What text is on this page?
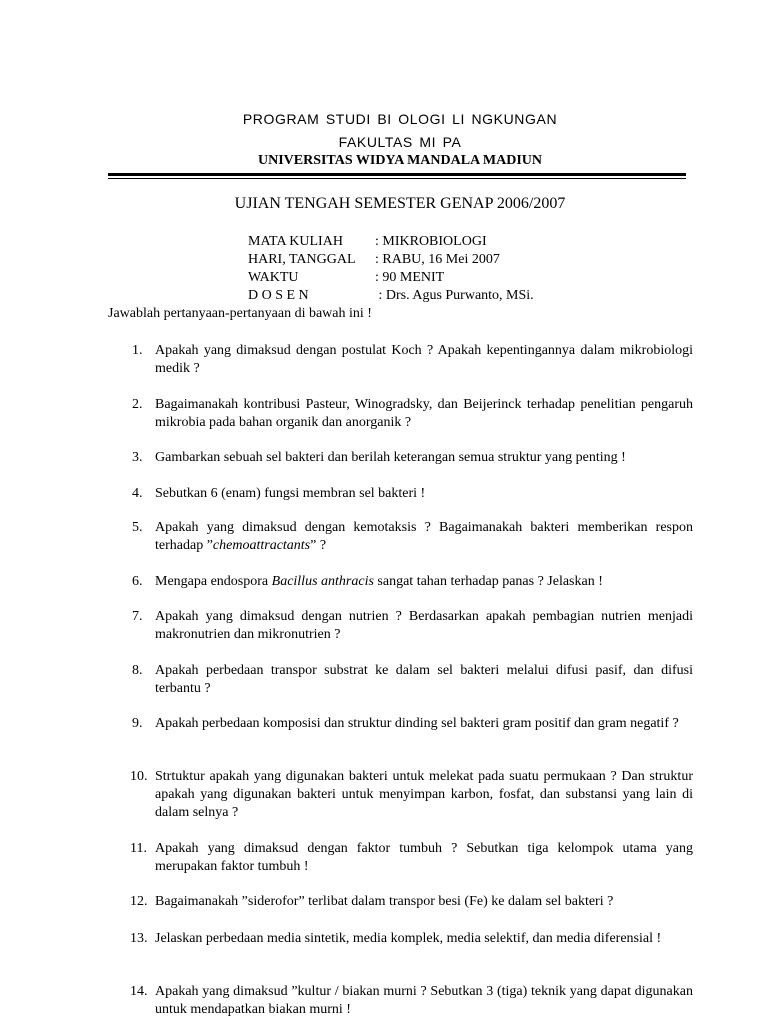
PROGRAM STUDI BI OLOGI LI NGKUNGAN
FAKULTAS MI PA
UNIVERSITAS WIDYA MANDALA MADIUN
UJIAN TENGAH SEMESTER GENAP 2006/2007
MATA KULIAH : MIKROBIOLOGI
HARI, TANGGAL : RABU, 16 Mei 2007
WAKTU	: 90 MENIT
D O S E N	: Drs. Agus Purwanto, MSi.
Jawablah pertanyaan-pertanyaan di bawah ini !
1. Apakah yang dimaksud dengan postulat Koch ? Apakah kepentingannya dalam mikrobiologi medik ?
2. Bagaimanakah kontribusi Pasteur, Winogradsky, dan Beijerinck terhadap penelitian pengaruh mikrobia pada bahan organik dan anorganik ?
3. Gambarkan sebuah sel bakteri dan berilah keterangan semua struktur yang penting !
4. Sebutkan 6 (enam) fungsi membran sel bakteri !
5. Apakah yang dimaksud dengan kemotaksis ? Bagaimanakah bakteri memberikan respon terhadap ”chemoattractants” ?
6. Mengapa endospora Bacillus anthracis sangat tahan terhadap panas ? Jelaskan !
7. Apakah yang dimaksud dengan nutrien ? Berdasarkan apakah pembagian nutrien menjadi makronutrien dan mikronutrien ?
8. Apakah perbedaan transpor substrat ke dalam sel bakteri melalui difusi pasif, dan difusi terbantu ?
9. Apakah perbedaan komposisi dan struktur dinding sel bakteri gram positif dan gram negatif ?
10. Strtuktur apakah yang digunakan bakteri untuk melekat pada suatu permukaan ? Dan struktur apakah yang digunakan bakteri untuk menyimpan karbon, fosfat, dan substansi yang lain di dalam selnya ?
11. Apakah yang dimaksud dengan faktor tumbuh ? Sebutkan tiga kelompok utama yang merupakan faktor tumbuh !
12. Bagaimanakah ”siderofor” terlibat dalam transpor besi (Fe) ke dalam sel bakteri ?
13. Jelaskan perbedaan media sintetik, media komplek, media selektif, dan media diferensial !
14. Apakah yang dimaksud ”kultur / biakan murni ? Sebutkan 3 (tiga) teknik yang dapat digunakan untuk mendapatkan biakan murni !
